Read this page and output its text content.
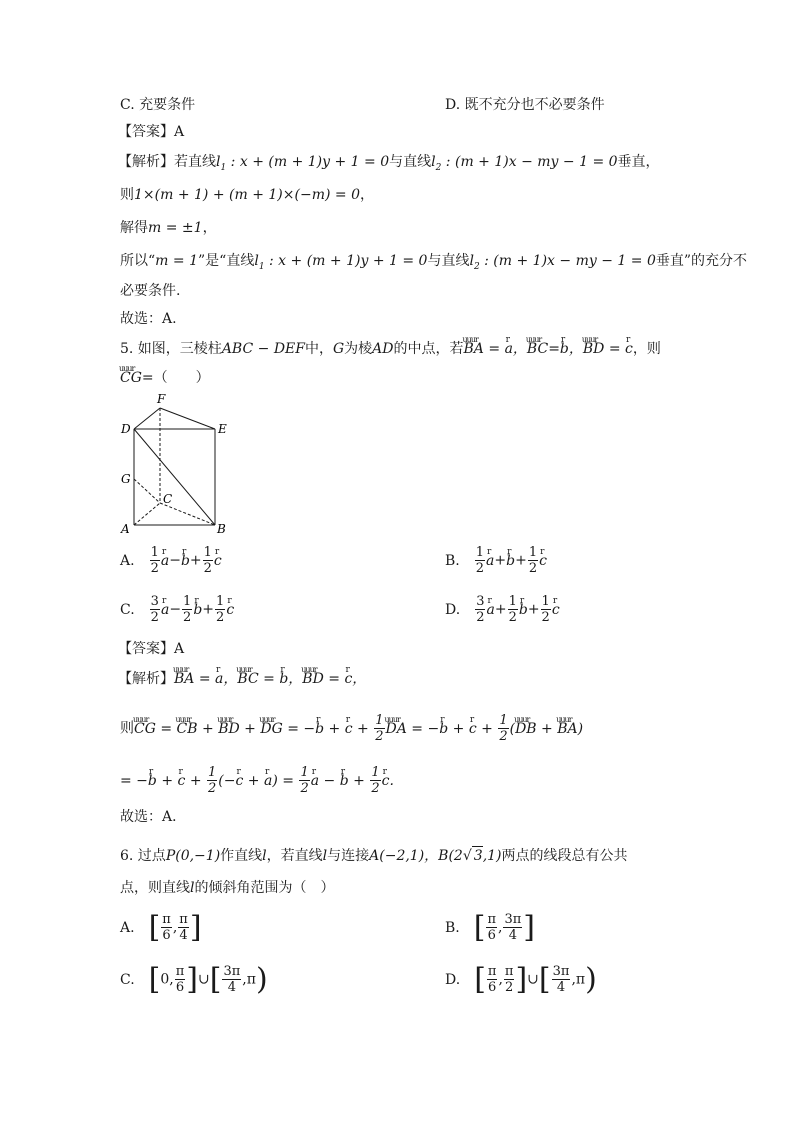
C. 充要条件	D. 既不充分也不必要条件
【答案】A
【解析】若直线$l_1$ : x + (m + 1)y + 1 = 0与直线$l_2$ : (m + 1)x − my − 1 = 0垂直，
则1×(m + 1) + (m + 1)×(−m) = 0，
解得m = ±1，
所以“m = 1”是“直线$l_1$ : x + (m + 1)y + 1 = 0与直线$l_2$ : (m + 1)x − my − 1 = 0垂直”的充分不
必要条件.
故选：A.
5. 如图，三棱柱ABC − DEF中，G为棱AD的中点，若uuur BA = r a，uuur BC=r b，uuur BD = r c，则
uuur CG=（　　）
F
D	E
G
C
A	B
A. $\frac{1}{2}$ r a−r $b+ \frac{1}{2}$ r c	B. $\frac{1}{2}$ r a+r $b+ \frac{1}{2}$ r c
C. $\frac{3}{2}$ r $a- \frac{1}{2}$ r $b+ \frac{1}{2}$ r c	D. $\frac{3}{2}$ r $a+ \frac{1}{2}$ r $b+ \frac{1}{2}$ r c
【答案】A
【解析】uuur BA = r a，uuur BC = r b，uuur BD = r c，
则uuur CG = uuur CB + uuur BD + uuur DG = −r b + r $c + \frac{1}{2}$ uuur DA = −r b + r $c + \frac{1}{2}$ (uuur DB + uuur BA)
= −r b + r $c + \frac{1}{2} (-r$ c + r $a) = \frac{1}{2}$ r a − r $b + \frac{1}{2}$ r c.
故选：A．
6. 过点P(0,−1)作直线l，若直线l与连接A(−2,1)，B(2√ 3,1)两点的线段总有公共
点，则直线l的倾斜角范围为（　）
A. [ $\frac{\pi}{6}$ , $\frac{\pi}{4}$ ]	B. [ $\frac{\pi}{6}$ , $\frac{3\pi}{4}$ ]
C. [0, $\frac{\pi}{6}$ ]∪[ $\frac{3\pi}{4} ,\pi$)	D. [ $\frac{\pi}{6}$ , $\frac{\pi}{2}$ ]∪[ $\frac{3\pi}{4} ,\pi$)
